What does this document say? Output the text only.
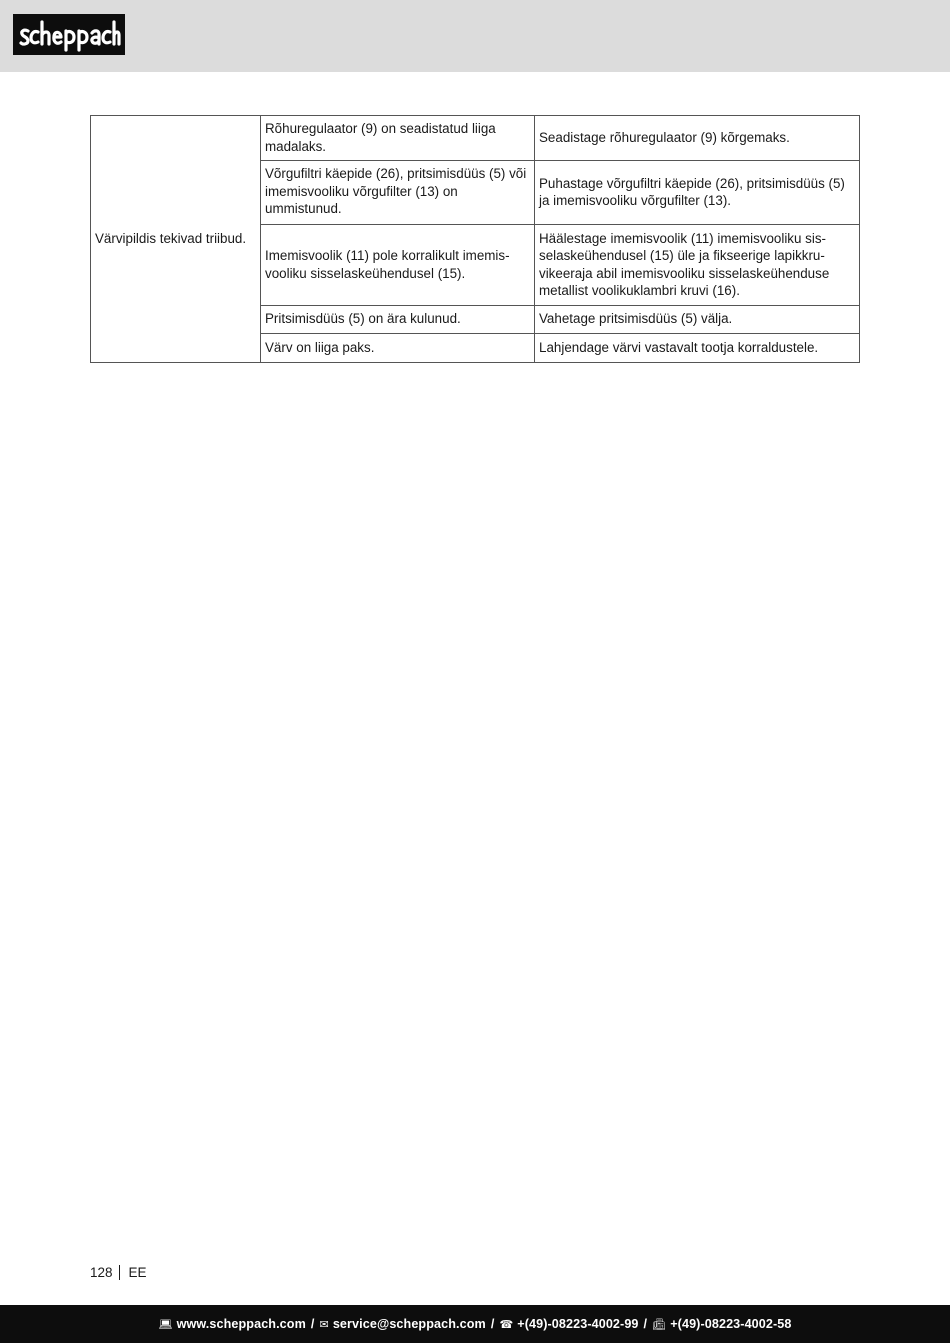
Värvipildis tekivad triibud.	Rõhuregulaator (9) on seadistatud liiga madalaks.	Seadistage rõhuregulaator (9) kõrgemaks.
	Võrgufiltri käepide (26), pritsimisdüüs (5) või imemisvooliku võrgufilter (13) on ummistunud.	Puhastage võrgufiltri käepide (26), pritsimisdüüs (5) ja imemisvooliku võrgufilter (13).
	Imemisvoolik (11) pole korralikult imemis-vooliku sisselaskeühendusel (15).	Häälestage imemisvoolik (11) imemisvooliku sis-selaskeühendusel (15) üle ja fikseerige lapikkru-vikeeraja abil imemisvooliku sisselaskeühenduse metallist voolikuklambri kruvi (16).
	Pritsimisdüüs (5) on ära kulunud.	Vahetage pritsimisdüüs (5) välja.
	Värv on liiga paks.	Lahjendage värvi vastavalt tootja korraldustele.
128 EE
💻︎ www.scheppach.com / ✉︎ service@scheppach.com / ☎︎ +(49)-08223-4002-99 / 📠︎ +(49)-08223-4002-58
